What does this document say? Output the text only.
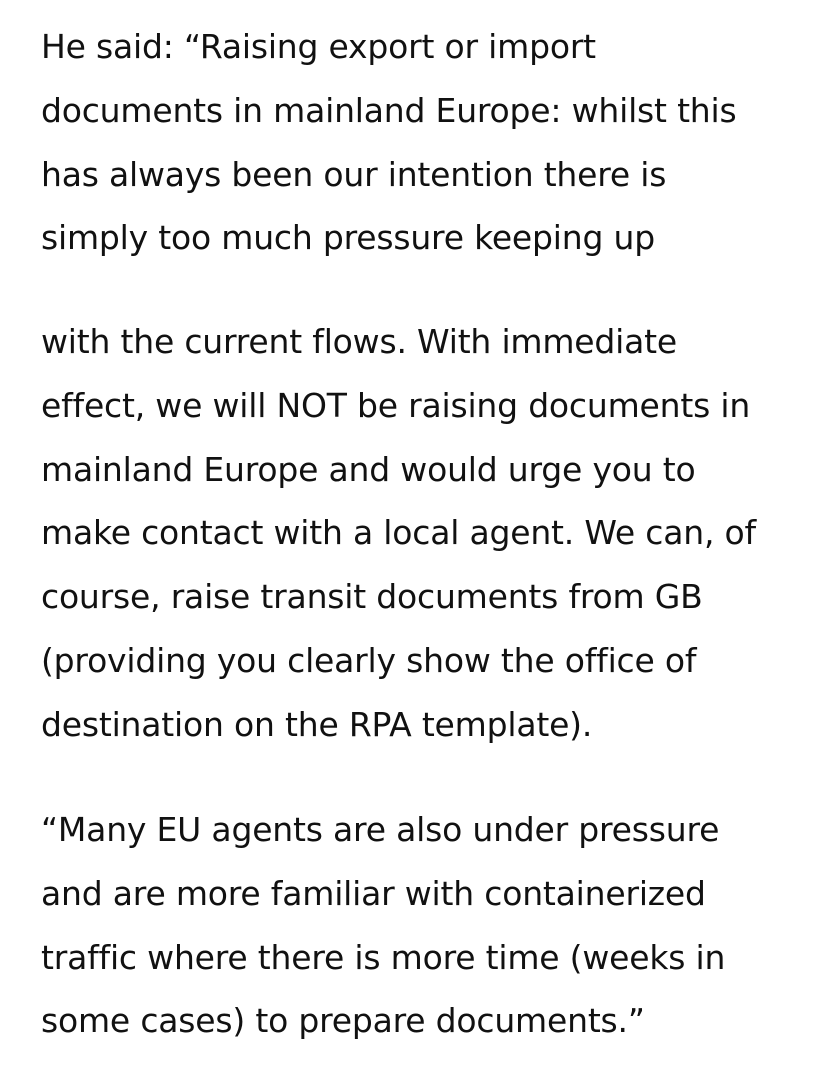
He said: “Raising export or import
documents in mainland Europe: whilst this
has always been our intention there is
simply too much pressure keeping up

with the current flows. With immediate
effect, we will NOT be raising documents in
mainland Europe and would urge you to
make contact with a local agent. We can, of
course, raise transit documents from GB
(providing you clearly show the office of
destination on the RPA template).

“Many EU agents are also under pressure
and are more familiar with containerized
traffic where there is more time (weeks in
some cases) to prepare documents.”
